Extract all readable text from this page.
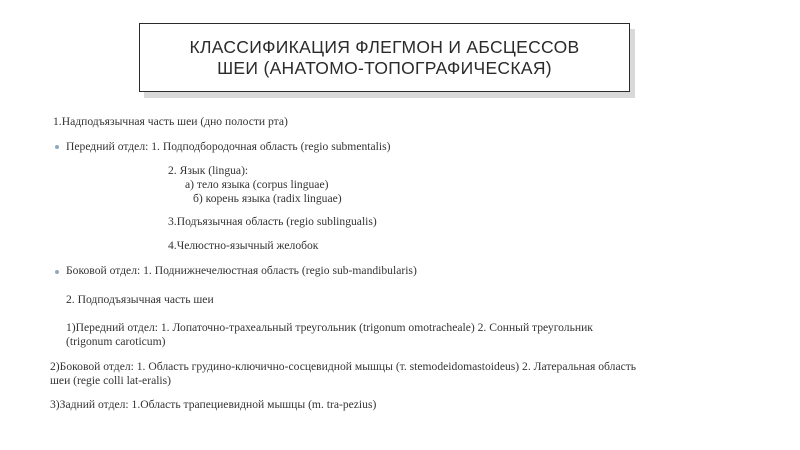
КЛАССИФИКАЦИЯ ФЛЕГМОН И АБСЦЕССОВ
ШЕИ (АНАТОМО-ТОПОГРАФИЧЕСКАЯ)
1.Надподъязычная часть шеи (дно полости рта)
Передний отдел: 1. Подподбородочная область (regio submentalis)
2. Язык (lingua):
а) тело языка (corpus linguae)
б) корень языка (radix linguae)
3.Подъязычная область (regio sublingualis)
4.Челюстно-язычный желобок
Боковой отдел: 1. Поднижнечелюстная область (regio sub-mandibularis)
2. Подподъязычная часть шеи
1)Передний отдел: 1. Лопаточно-трахеальный треугольник (trigonum omotracheale) 2. Сонный треугольник
(trigonum caroticum)
2)Боковой отдел: 1. Область грудино-ключично-сосцевидной мышцы (т. stemodeidomastoideus) 2. Латеральная область
шеи (regie colli lat-eralis)
3)Задний отдел: 1.Область трапециевидной мышцы (m. tra-pezius)
